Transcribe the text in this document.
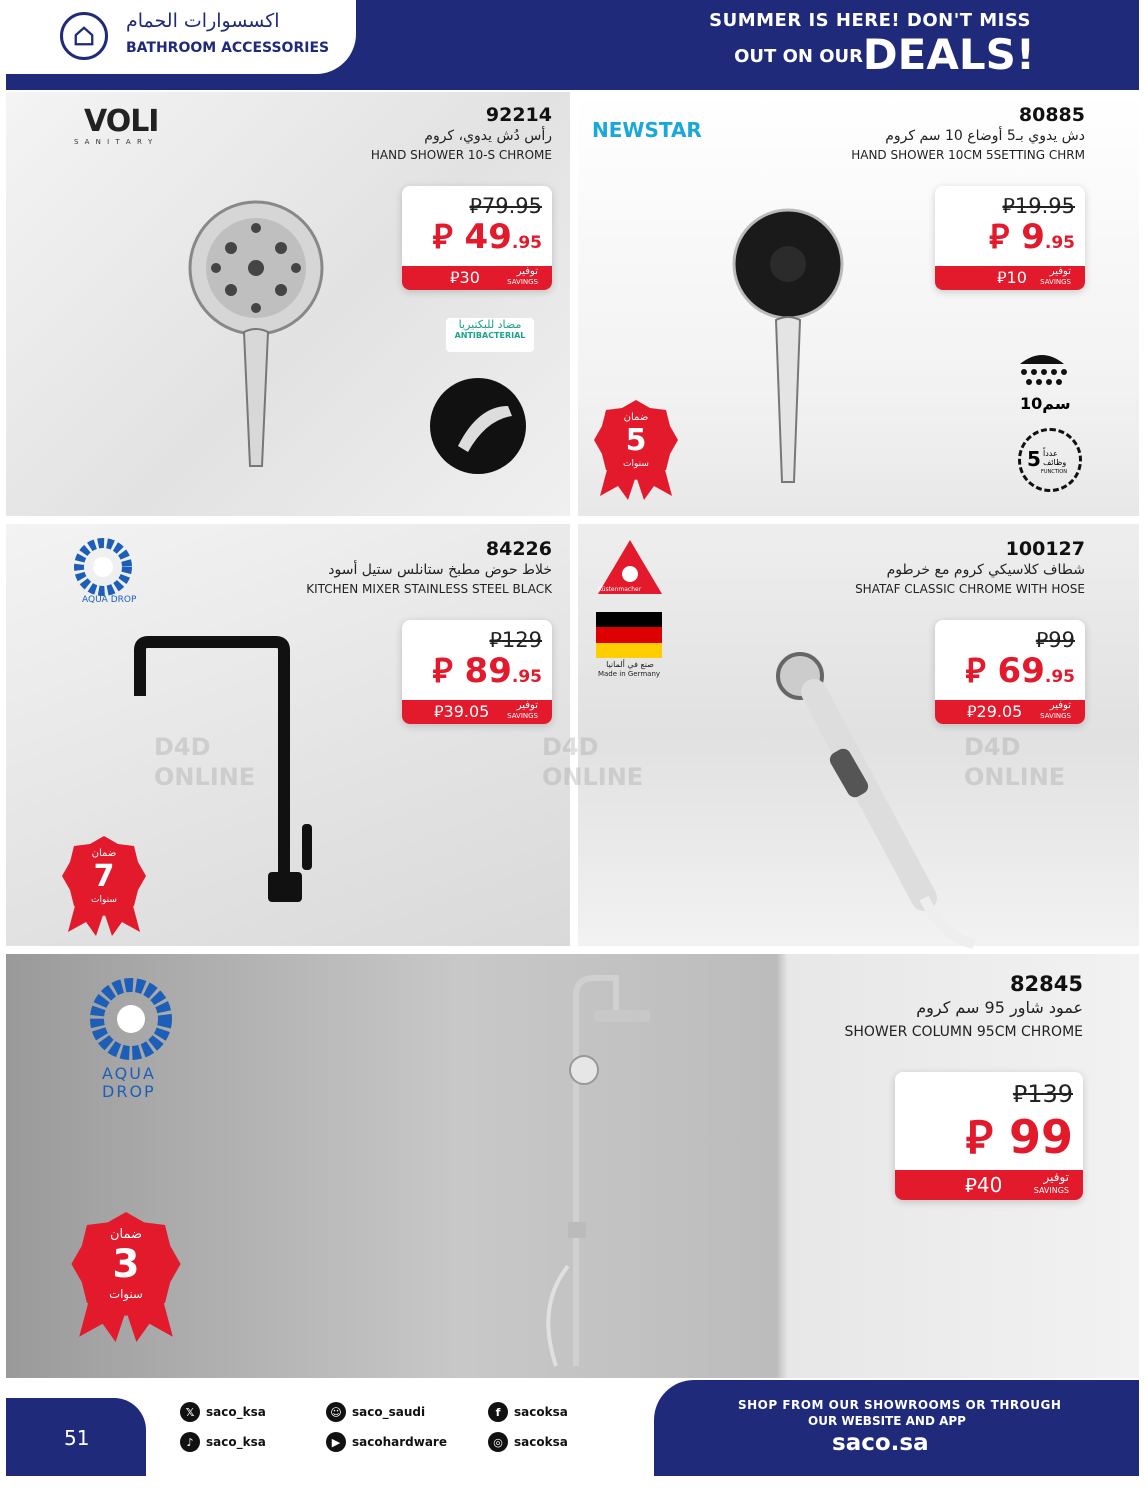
SUMMER IS HERE! DON'T MISS
OUT ON OUR DEALS!
اكسسوارات الحمام
BATHROOM ACCESSORIES
VOLI
S A N I T A R Y
92214
رأس دُش يدوي، كروم
HAND SHOWER 10-S CHROME
مضاد للبكتيريا
ANTIBACTERIAL
⃁79.95
⃁ 49.95
⃁30	توفير
SAVINGS
NEWSTAR
80885
دش يدوي بـ5 أوضاع 10 سم كروم
HAND SHOWER 10CM 5SETTING CHRM
⃁19.95
⃁ 9.95
⃁10 توفير
SAVINGS
10سم
5 عدداً وظائف
FUNCTION
5
ضمان
سنوات
AQUA DROP
84226
خلاط حوض مطبخ ستانلس ستيل أسود
KITCHEN MIXER STAINLESS STEEL BLACK
⃁129
⃁ 89.95
⃁39.05	توفير
SAVINGS
D4D
ONLINE
7
ضمان
سنوات
Küstenmacher
صنع في ألمانيا
Made in Germany
100127
شطاف كلاسيكي كروم مع خرطوم
SHATAF CLASSIC CHROME WITH HOSE
⃁99
⃁ 69.95
⃁29.05	توفير
SAVINGS
D4D
ONLINE
D4D
ONLINE
AQUA
DROP
82845
عمود شاور 95 سم كروم
SHOWER COLUMN 95CM CHROME
⃁139
⃁ 99
⃁40	توفير
SAVINGS
3
ضمان
سنوات
51
𝕏 saco_ksa
♪	saco_ksa
☺ saco_saudi
▶ sacohardware
f	sacoksa
◎ sacoksa
SHOP FROM OUR SHOWROOMS OR THROUGH
OUR WEBSITE AND APP
saco.sa
